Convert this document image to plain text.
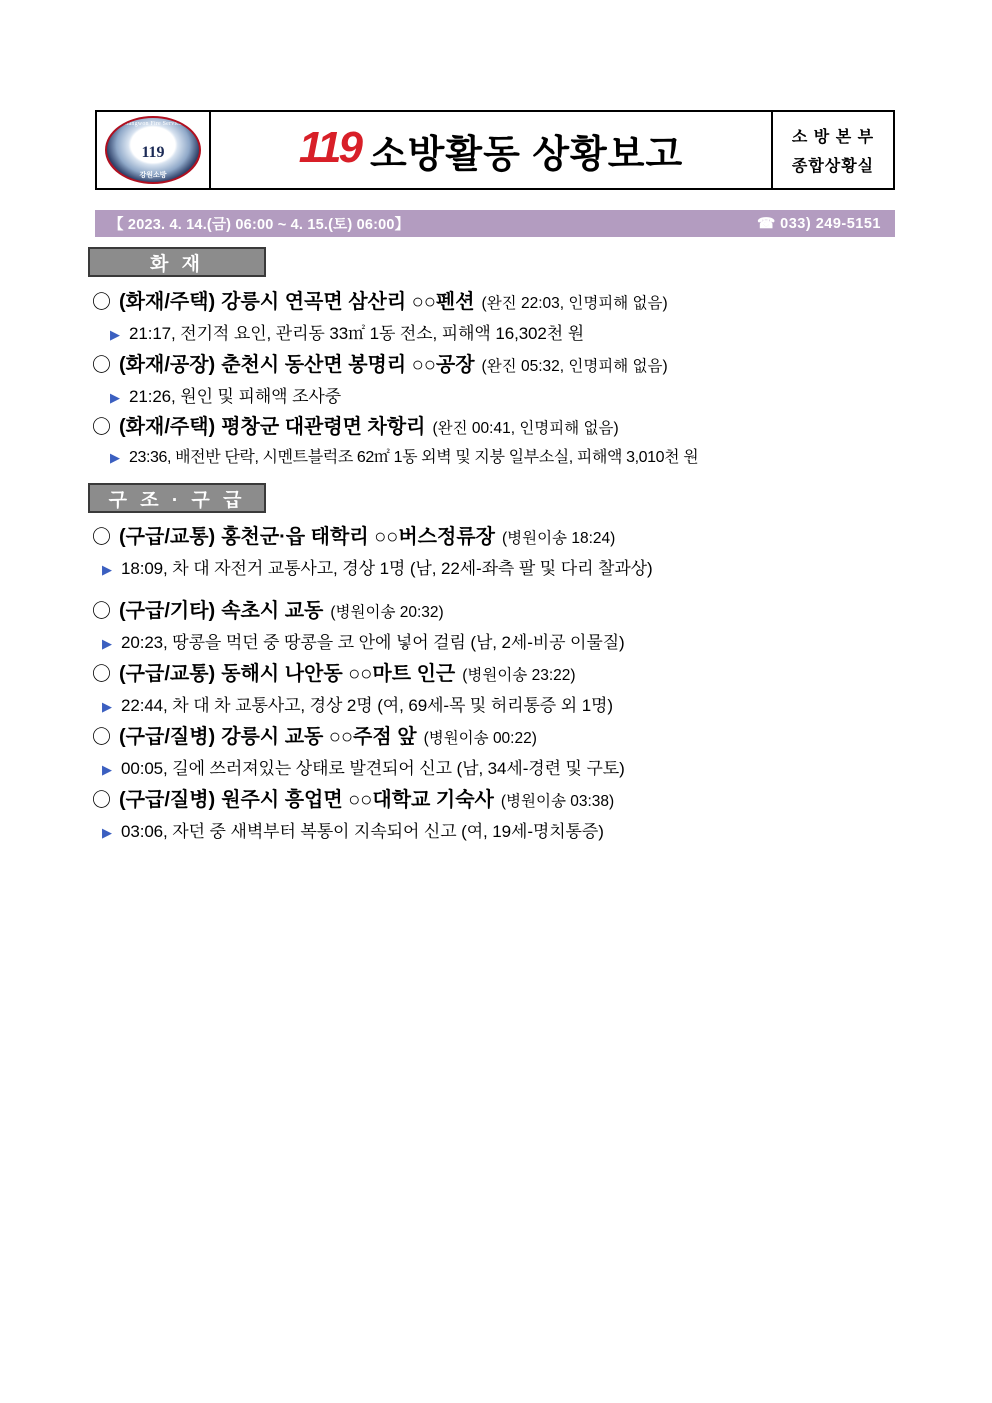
Gangwon Fire Service
119
강원소방
119 소방활동 상황보고	소 방 본 부
종합상황실
【 2023. 4. 14.(금) 06:00 ~ 4. 15.(토) 06:00】	☎ 033) 249-5151
화 재
〇 (화재/주택) 강릉시 연곡면 삼산리 ○○펜션 (완진 22:03, 인명피해 없음)
▶ 21:17, 전기적 요인, 관리동 33㎡ 1동 전소, 피해액 16,302천 원
〇 (화재/공장) 춘천시 동산면 봉명리 ○○공장 (완진 05:32, 인명피해 없음)
▶ 21:26, 원인 및 피해액 조사중
〇 (화재/주택) 평창군 대관령면 차항리 (완진 00:41, 인명피해 없음)
▶ 23:36, 배전반 단락, 시멘트블럭조 62㎡ 1동 외벽 및 지붕 일부소실, 피해액 3,010천 원
구 조 · 구 급
〇 (구급/교통) 홍천군·읍 태학리 ○○버스정류장 (병원이송 18:24)
▶ 18:09, 차 대 자전거 교통사고, 경상 1명 (남, 22세-좌측 팔 및 다리 찰과상)
〇 (구급/기타) 속초시 교동 (병원이송 20:32)
▶ 20:23, 땅콩을 먹던 중 땅콩을 코 안에 넣어 걸림 (남, 2세-비공 이물질)
〇 (구급/교통) 동해시 나안동 ○○마트 인근 (병원이송 23:22)
▶ 22:44, 차 대 차 교통사고, 경상 2명 (여, 69세-목 및 허리통증 외 1명)
〇 (구급/질병) 강릉시 교동 ○○주점 앞 (병원이송 00:22)
▶ 00:05, 길에 쓰러져있는 상태로 발견되어 신고 (남, 34세-경련 및 구토)
〇 (구급/질병) 원주시 흥업면 ○○대학교 기숙사 (병원이송 03:38)
▶ 03:06, 자던 중 새벽부터 복통이 지속되어 신고 (여, 19세-명치통증)
